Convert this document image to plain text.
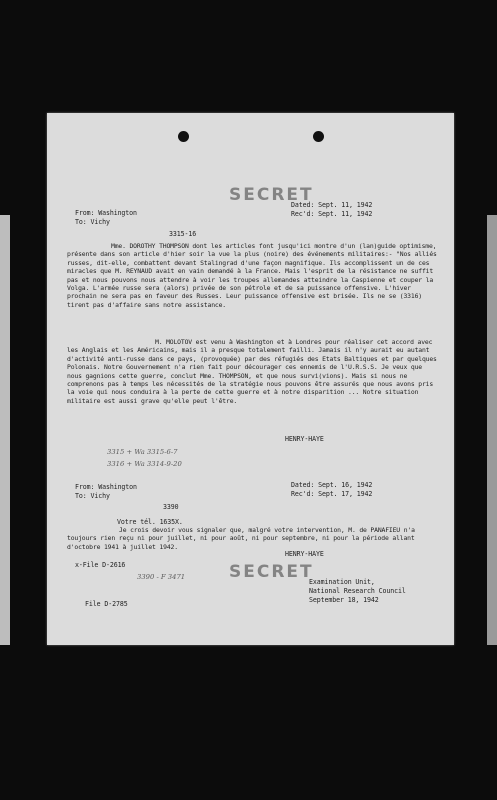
SECRET
From: Washington
To: Vichy
Dated: Sept. 11, 1942
Rec'd: Sept. 11, 1942
3315-16

Mme. DOROTHY THOMPSON dont les articles font jusqu'ici montre d'un (lan)guide optimisme, présente dans son article d'hier soir la vue la plus (noire) des événements militaires:- "Nos alliés russes, dit-elle, combattent devant Stalingrad d'une façon magnifique. Ils accomplissent un de ces miracles que M. REYNAUD avait en vain demandé à la France. Mais l'esprit de la résistance ne suffit pas et nous pouvons nous attendre à voir les troupes allemandes atteindre la Caspienne et couper la Volga. L'armée russe sera (alors) privée de son pétrole et de sa puissance offensive. L'hiver prochain ne sera pas en faveur des Russes. Leur puissance offensive est brisée. Ils ne se (3316) tirent pas d'affaire sans notre assistance.

M. MOLOTOV est venu à Washington et à Londres pour réaliser cet accord avec les Anglais et les Américains, mais il a presque totalement failli. Jamais il n'y aurait eu autant d'activité anti-russe dans ce pays, (provoquée) par des réfugiés des Etats Baltiques et par quelques Polonais. Notre Gouvernement n'a rien fait pour décourager ces ennemis de l'U.R.S.S. Je veux que nous gagnions cette guerre, conclut Mme. THOMPSON, et que nous survi(vions). Mais si nous ne comprenons pas à temps les nécessités de la stratégie nous pouvons être assurés que nous avons pris la voie qui nous conduira à la perte de cette guerre et à notre disparition ... Notre situation militaire est aussi grave qu'elle peut l'être.

HENRY-HAYE
3315 + Wa 3315-6-7
3316 + Wa 3314-9-20
From: Washington
To: Vichy
Dated: Sept. 16, 1942
Rec'd: Sept. 17, 1942
3390
Votre tél. 1635X.

Je crois devoir vous signaler que, malgré votre intervention, M. de PANAFIEU n'a toujours rien reçu ni pour juillet, ni pour août, ni pour septembre, ni pour la période allant d'octobre 1941 à juillet 1942.

HENRY-HAYE
x-File D-2616
3390 - F 3471	SECRET
Examination Unit,
National Research Council
September 18, 1942
File D-2785
